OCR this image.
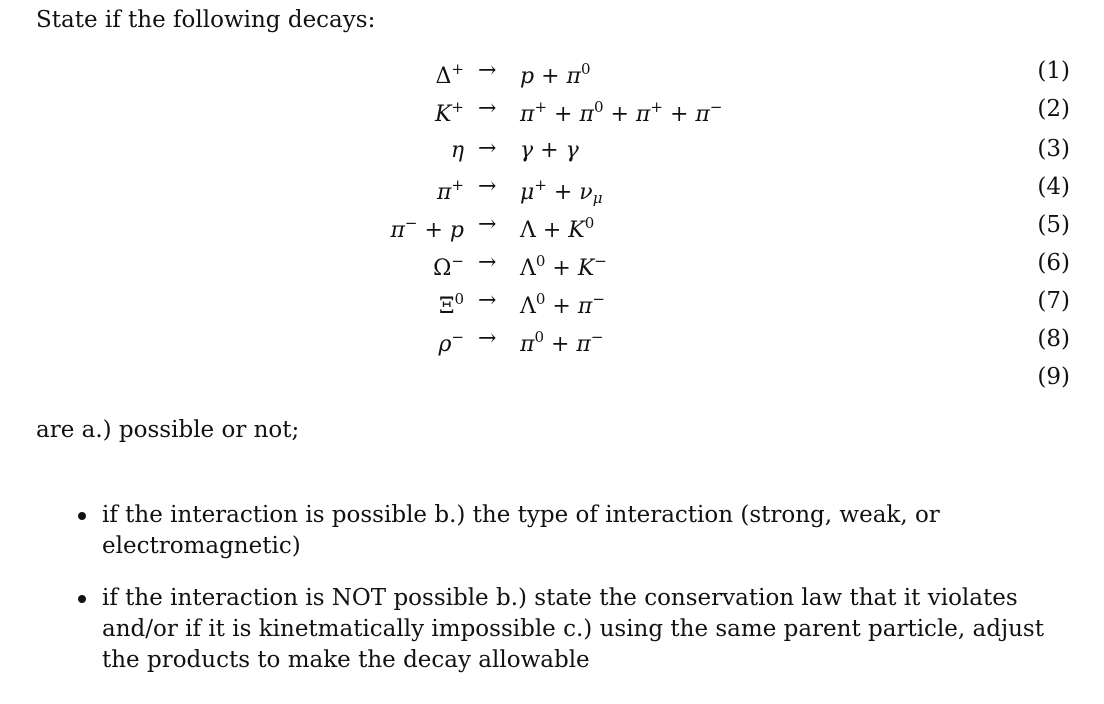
State if the following decays:
$\Delta^+ \to p + \pi^0$	(1)
$K^+ \to \pi^+ + \pi^0 + \pi^+ + \pi^-$	(2)
η → γ + γ	(3)
$\pi^+ \to \mu^+ + \nu_\mu$	(4)
$\pi^- + p \to \Lambda + K^0$	(5)
$\Omega^- \to \Lambda^0 + K^-$	(6)
$\Xi^0 \to \Lambda^0 + \pi^-$	(7)
$\rho^- \to \pi^0 + \pi^-$	(8)
(9)
are a.) possible or not;
if the interaction is possible b.) the type of interaction (strong, weak, or electromagnetic)
if the interaction is NOT possible b.) state the conservation law that it violates and/or if it is kinetmatically impossible c.) using the same parent particle, adjust the products to make the decay allowable
